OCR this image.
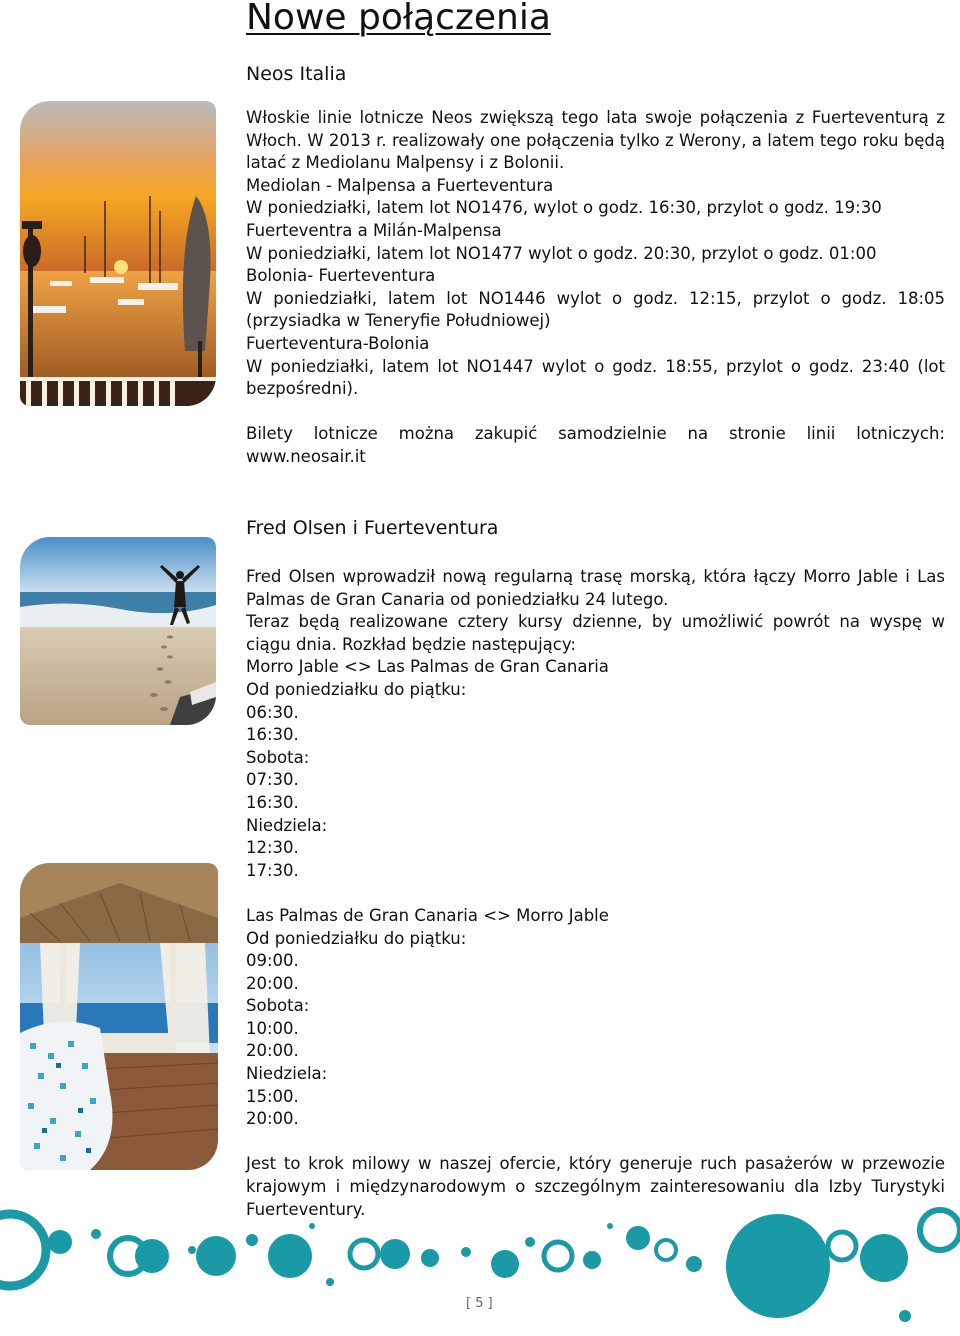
Nowe połączenia
Neos Italia

Włoskie linie lotnicze Neos zwiększą tego lata swoje połączenia z Fuerteventurą z Włoch. W 2013 r. realizowały one połączenia tylko z Werony, a latem tego roku będą latać z Mediolanu Malpensy i z Bolonii.

Mediolan - Malpensa a Fuerteventura

W poniedziałki, latem lot NO1476, wylot o godz. 16:30, przylot o godz. 19:30

Fuerteventra a Milán-Malpensa

W poniedziałki, latem lot NO1477 wylot o godz. 20:30, przylot o godz. 01:00

Bolonia- Fuerteventura

W poniedziałki, latem lot NO1446 wylot o godz. 12:15, przylot o godz. 18:05 (przysiadka w Teneryfie Południowej)

Fuerteventura-Bolonia

W poniedziałki, latem lot NO1447 wylot o godz. 18:55, przylot o godz. 23:40 (lot bezpośredni).

Bilety lotnicze można zakupić samodzielnie na stronie linii lotniczych: www.neosair.it

Fred Olsen i Fuerteventura

Fred Olsen wprowadził nową regularną trasę morską, która łączy Morro Jable i Las Palmas de Gran Canaria od poniedziałku 24 lutego.

Teraz będą realizowane cztery kursy dzienne, by umożliwić powrót na wyspę w ciągu dnia. Rozkład będzie następujący:

Morro Jable <> Las Palmas de Gran Canaria

Od poniedziałku do piątku:

06:30.

16:30.

Sobota:

07:30.

16:30.

Niedziela:

12:30.

17:30.

Las Palmas de Gran Canaria <> Morro Jable

Od poniedziałku do piątku:

09:00.

20:00.

Sobota:

10:00.

20:00.

Niedziela:

15:00.

20:00.

Jest to krok milowy w naszej ofercie, który generuje ruch pasażerów w przewozie krajowym i międzynarodowym o szczególnym zainteresowaniu dla Izby Turystyki Fuerteventury.

[ 5 ]
